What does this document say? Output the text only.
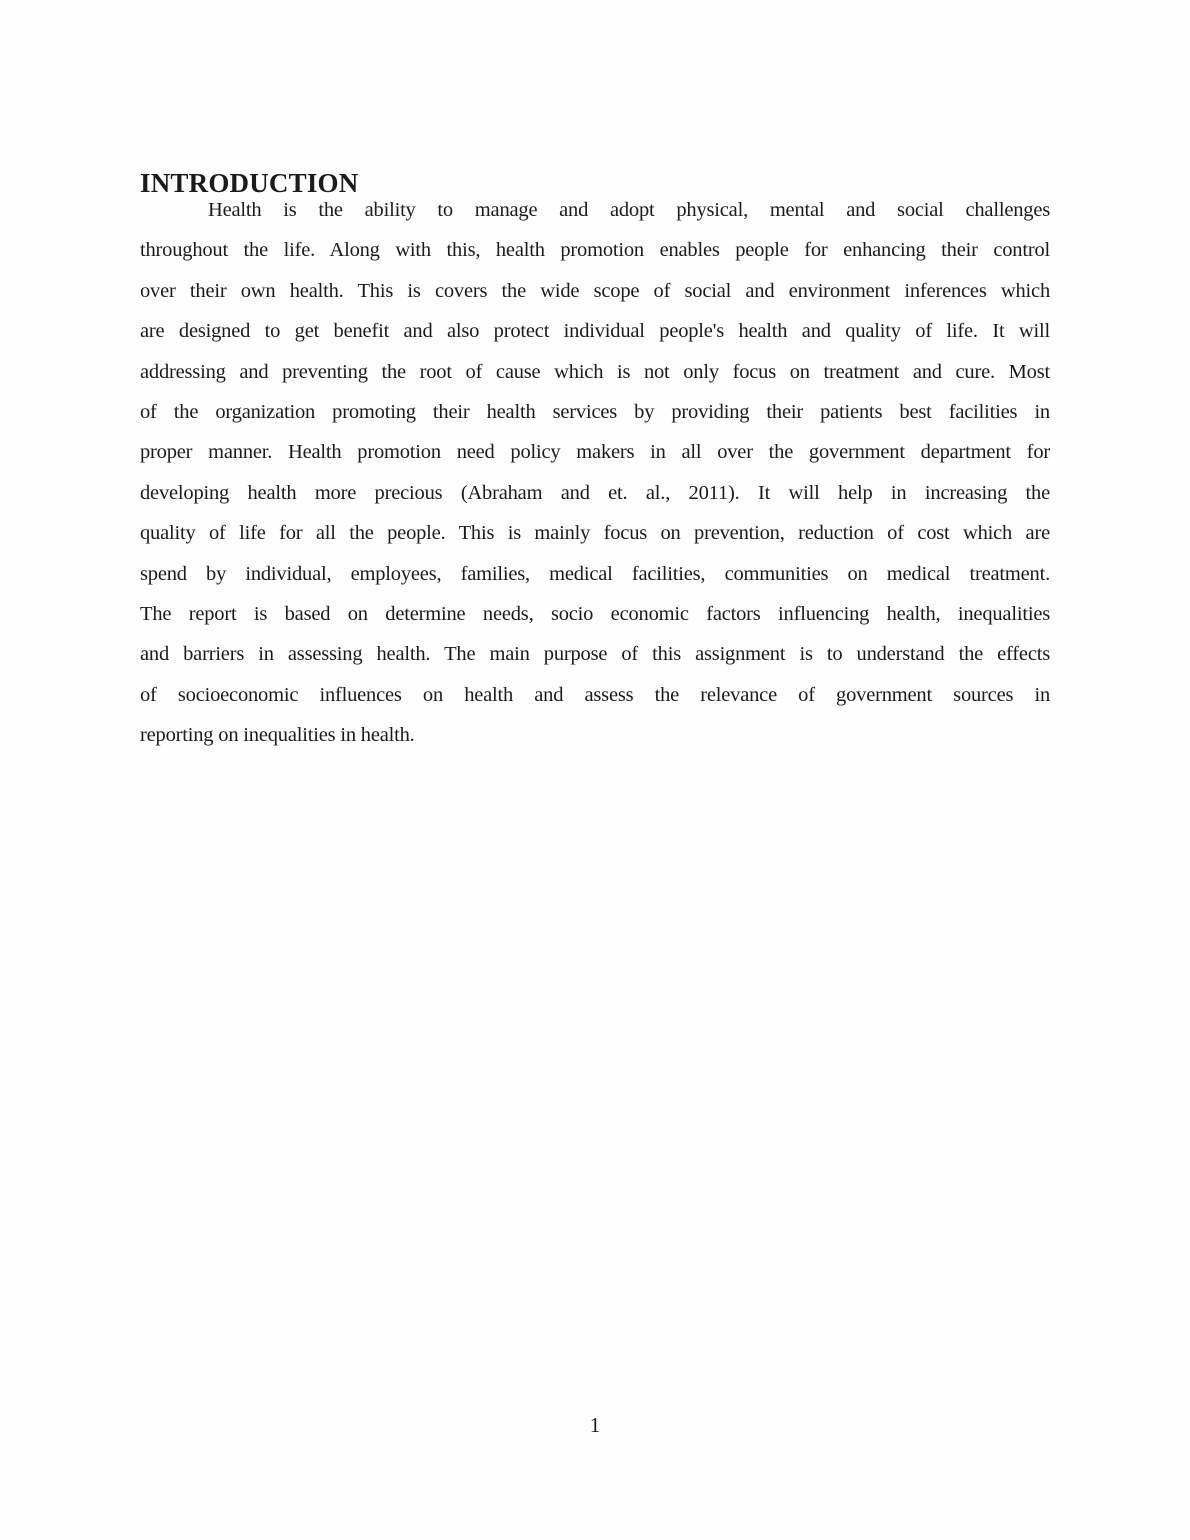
INTRODUCTION
Health is the ability to manage and adopt physical, mental and social challenges
throughout the life. Along with this, health promotion enables people for enhancing their control
over their own health. This is covers the wide scope of social and environment inferences which
are designed to get benefit and also protect individual people's health and quality of life. It will
addressing and preventing the root of cause which is not only focus on treatment and cure. Most
of the organization promoting their health services by providing their patients best facilities in
proper manner. Health promotion need policy makers in all over the government department for
developing health more precious (Abraham and et. al., 2011). It will help in increasing the
quality of life for all the people. This is mainly focus on prevention, reduction of cost which are
spend by individual, employees, families, medical facilities, communities on medical treatment.
The report is based on determine needs, socio economic factors influencing health, inequalities
and barriers in assessing health. The main purpose of this assignment is to understand the effects
of socioeconomic influences on health and assess the relevance of government sources in
reporting on inequalities in health.
1
